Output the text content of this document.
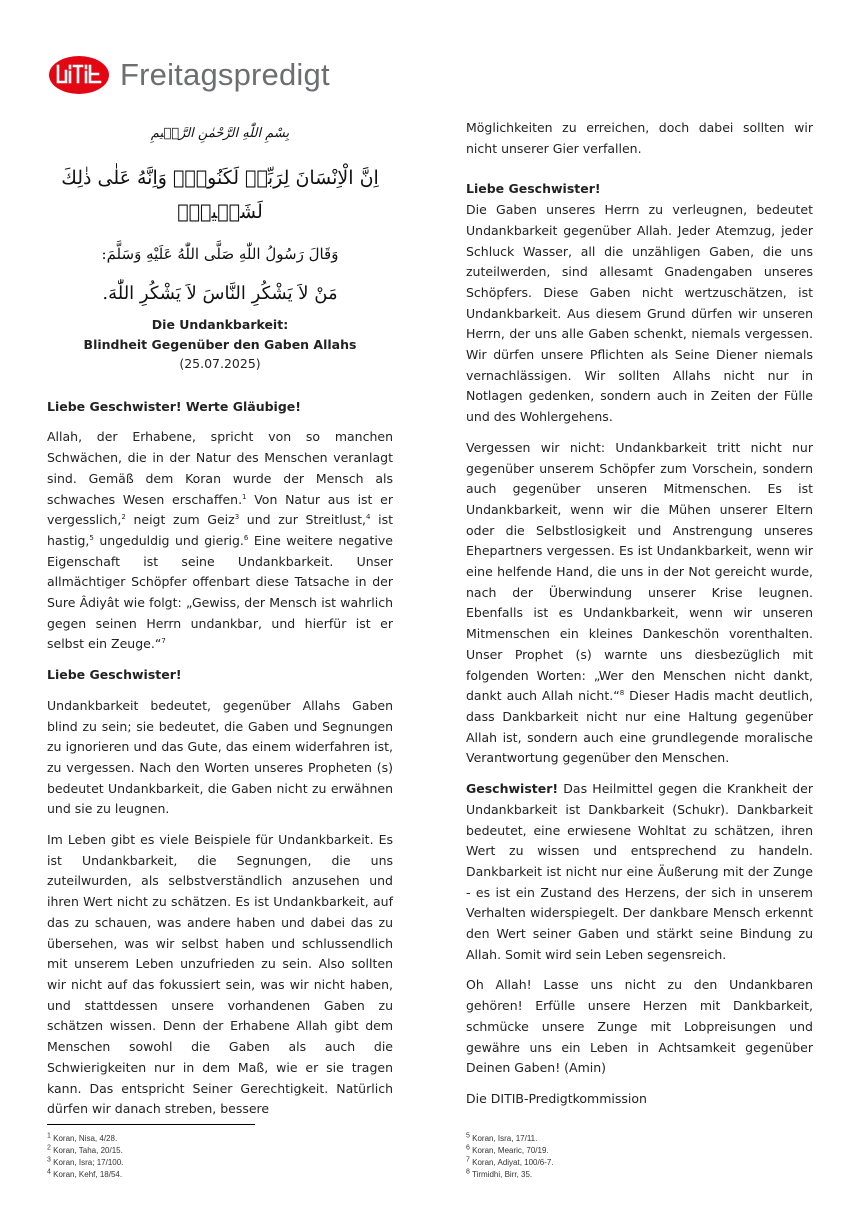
Freitagspredigt
بِسْمِ اللّٰهِ الرَّحْمٰنِ الرَّح۪يمِ
اِنَّ الْاِنْسَانَ لِرَبِّه۪ لَكَنُودٌۚ وَاِنَّهُ عَلٰى ذٰلِكَ لَشَه۪يدٌۚ
وَقَالَ رَسُولُ اللّٰهِ صَلَّى اللّٰهُ عَلَيْهِ وَسَلَّمَ:
مَنْ لاَ يَشْكُرِ النَّاسَ لاَ يَشْكُرِ اللّٰهَ.
Die Undankbarkeit:
Blindheit Gegenüber den Gaben Allahs
(25.07.2025)

Liebe Geschwister! Werte Gläubige!

Allah, der Erhabene, spricht von so manchen Schwächen, die in der Natur des Menschen veranlagt sind. Gemäß dem Koran wurde der Mensch als schwaches Wesen erschaffen.$^1$ Von Natur aus ist er vergesslich,$^2$ neigt zum Geiz$^3$ und zur Streitlust,$^4$ ist hastig,$^5$ ungeduldig und gierig.$^6$ Eine weitere negative Eigenschaft ist seine Undankbarkeit. Unser allmächtiger Schöpfer offenbart diese Tatsache in der Sure Âdiyât wie folgt: „Gewiss, der Mensch ist wahrlich gegen seinen Herrn undankbar, und hierfür ist er selbst ein Zeuge.“$^7$

Liebe Geschwister!

Undankbarkeit bedeutet, gegenüber Allahs Gaben blind zu sein; sie bedeutet, die Gaben und Segnungen zu ignorieren und das Gute, das einem widerfahren ist, zu vergessen. Nach den Worten unseres Propheten (s) bedeutet Undankbarkeit, die Gaben nicht zu erwähnen und sie zu leugnen.

Im Leben gibt es viele Beispiele für Undankbarkeit. Es ist Undankbarkeit, die Segnungen, die uns zuteilwurden, als selbstverständlich anzusehen und ihren Wert nicht zu schätzen. Es ist Undankbarkeit, auf das zu schauen, was andere haben und dabei das zu übersehen, was wir selbst haben und schlussendlich mit unserem Leben unzufrieden zu sein. Also sollten wir nicht auf das fokussiert sein, was wir nicht haben, und stattdessen unsere vorhandenen Gaben zu schätzen wissen. Denn der Erhabene Allah gibt dem Menschen sowohl die Gaben als auch die Schwierigkeiten nur in dem Maß, wie er sie tragen kann. Das entspricht Seiner Gerechtigkeit. Natürlich dürfen wir danach streben, bessere

Möglichkeiten zu erreichen, doch dabei sollten wir nicht unserer Gier verfallen.

Liebe Geschwister!

Die Gaben unseres Herrn zu verleugnen, bedeutet Undankbarkeit gegenüber Allah. Jeder Atemzug, jeder Schluck Wasser, all die unzähligen Gaben, die uns zuteilwerden, sind allesamt Gnadengaben unseres Schöpfers. Diese Gaben nicht wertzuschätzen, ist Undankbarkeit. Aus diesem Grund dürfen wir unseren Herrn, der uns alle Gaben schenkt, niemals vergessen. Wir dürfen unsere Pflichten als Seine Diener niemals vernachlässigen. Wir sollten Allahs nicht nur in Notlagen gedenken, sondern auch in Zeiten der Fülle und des Wohlergehens.

Vergessen wir nicht: Undankbarkeit tritt nicht nur gegenüber unserem Schöpfer zum Vorschein, sondern auch gegenüber unseren Mitmenschen. Es ist Undankbarkeit, wenn wir die Mühen unserer Eltern oder die Selbstlosigkeit und Anstrengung unseres Ehepartners vergessen. Es ist Undankbarkeit, wenn wir eine helfende Hand, die uns in der Not gereicht wurde, nach der Überwindung unserer Krise leugnen. Ebenfalls ist es Undankbarkeit, wenn wir unseren Mitmenschen ein kleines Dankeschön vorenthalten. Unser Prophet (s) warnte uns diesbezüglich mit folgenden Worten: „Wer den Menschen nicht dankt, dankt auch Allah nicht.“$^8$ Dieser Hadis macht deutlich, dass Dankbarkeit nicht nur eine Haltung gegenüber Allah ist, sondern auch eine grundlegende moralische Verantwortung gegenüber den Menschen.

Geschwister! Das Heilmittel gegen die Krankheit der Undankbarkeit ist Dankbarkeit (Schukr). Dankbarkeit bedeutet, eine erwiesene Wohltat zu schätzen, ihren Wert zu wissen und entsprechend zu handeln. Dankbarkeit ist nicht nur eine Äußerung mit der Zunge - es ist ein Zustand des Herzens, der sich in unserem Verhalten widerspiegelt. Der dankbare Mensch erkennt den Wert seiner Gaben und stärkt seine Bindung zu Allah. Somit wird sein Leben segensreich.

Oh Allah! Lasse uns nicht zu den Undankbaren gehören! Erfülle unsere Herzen mit Dankbarkeit, schmücke unsere Zunge mit Lobpreisungen und gewähre uns ein Leben in Achtsamkeit gegenüber Deinen Gaben! (Amin)

Die DITIB-Predigtkommission

$^1$ Koran, Nisa, 4/28.
$^2$ Koran, Taha, 20/15.
$^3$ Koran, Isra; 17/100.
$^4$ Koran, Kehf, 18/54.
$^5$ Koran, Isra, 17/11.
$^6$ Koran, Mearic, 70/19.
$^7$ Koran, Adiyat, 100/6-7.
$^8$ Tirmidhi, Birr, 35.
